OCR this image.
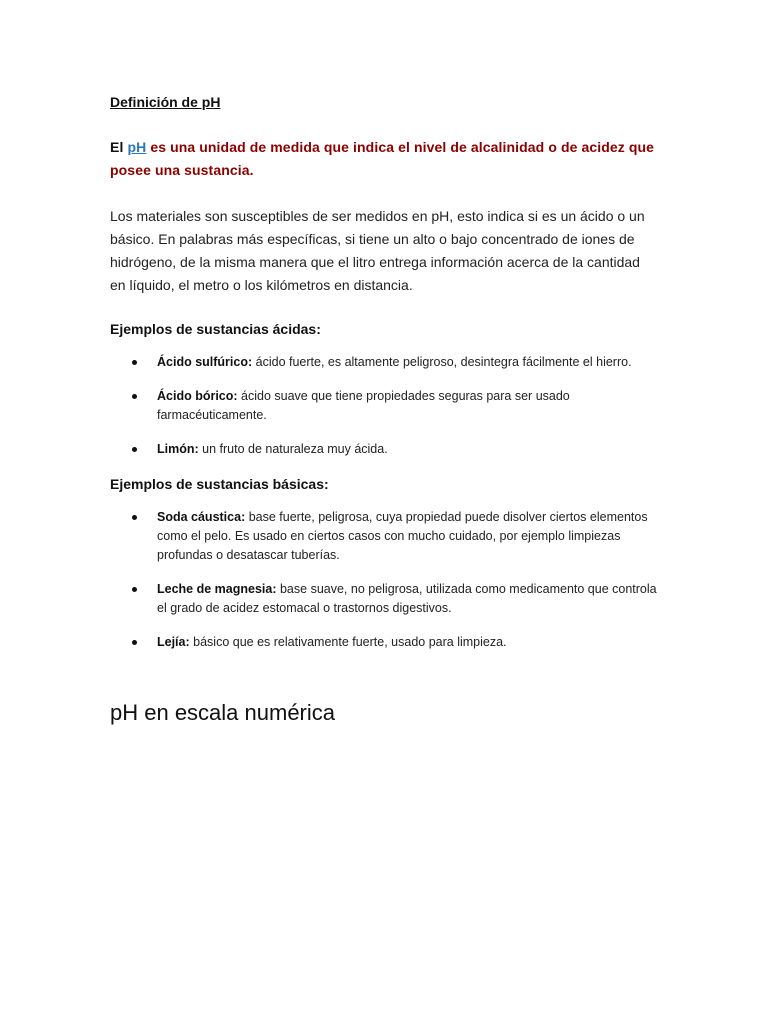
Definición de pH

El pH es una unidad de medida que indica el nivel de alcalinidad o de acidez que posee una sustancia.

Los materiales son susceptibles de ser medidos en pH, esto indica si es un ácido o un básico. En palabras más específicas, si tiene un alto o bajo concentrado de iones de hidrógeno, de la misma manera que el litro entrega información acerca de la cantidad en líquido, el metro o los kilómetros en distancia.

Ejemplos de sustancias ácidas:

Ácido sulfúrico: ácido fuerte, es altamente peligroso, desintegra fácilmente el hierro.
Ácido bórico: ácido suave que tiene propiedades seguras para ser usado farmacéuticamente.
Limón: un fruto de naturaleza muy ácida.

Ejemplos de sustancias básicas:

Soda cáustica: base fuerte, peligrosa, cuya propiedad puede disolver ciertos elementos como el pelo. Es usado en ciertos casos con mucho cuidado, por ejemplo limpiezas profundas o desatascar tuberías.
Leche de magnesia: base suave, no peligrosa, utilizada como medicamento que controla el grado de acidez estomacal o trastornos digestivos.
Lejía: básico que es relativamente fuerte, usado para limpieza.
pH en escala numérica
